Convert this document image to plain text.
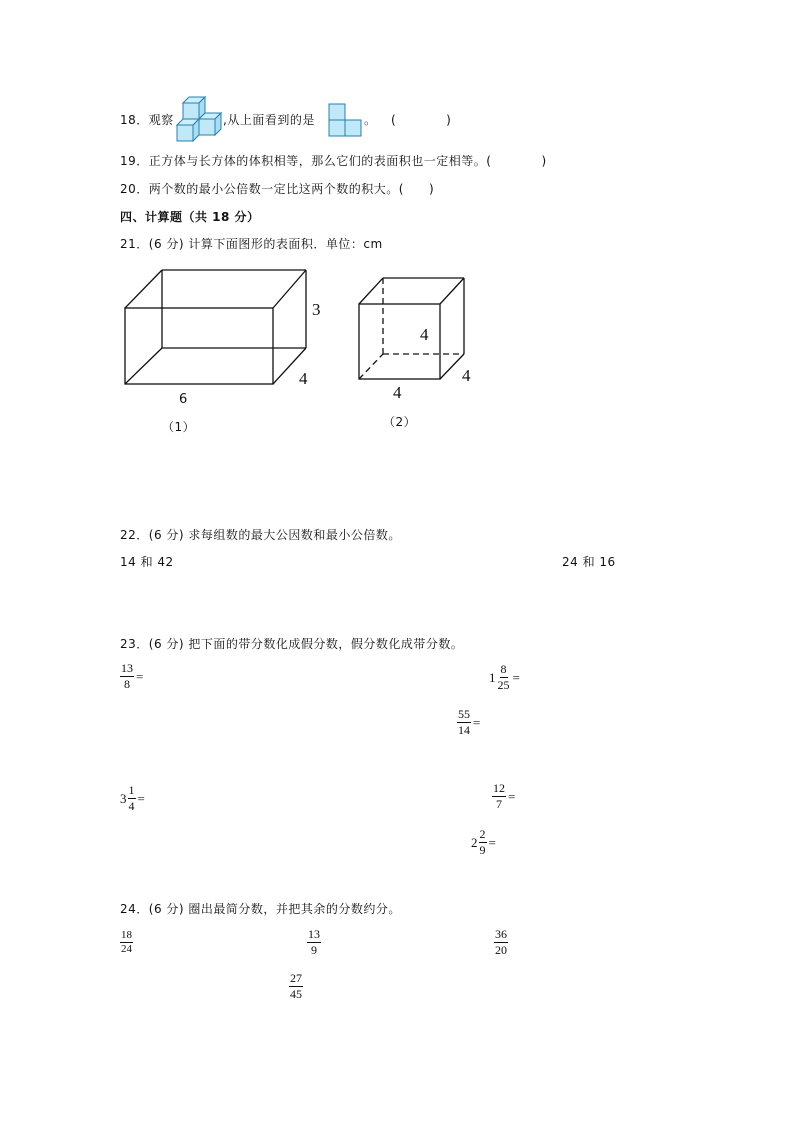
18．观察	,从上面看到的是	。 (　　　　)
19．正方体与长方体的体积相等，那么它们的表面积也一定相等。(　　　　)
20．两个数的最小公倍数一定比这两个数的积大。(　　)
四、计算题（共 18 分）
21．(6 分) 计算下面图形的表面积．单位：cm
3
4
6
（1）
4
4
4
（2）
22．(6 分) 求每组数的最大公因数和最小公倍数。
14 和 42	24 和 16
23．(6 分) 把下面的带分数化成假分数，假分数化成带分数。
$\frac{13}{8}$ =	$1 \frac{8}{25}$ =
$\frac{55}{14}$ =
$3 \frac{1}{4}$ =	$\frac{12}{7}$ =
$2 \frac{2}{9}$ =
24．(6 分) 圈出最简分数，并把其余的分数约分。
$\frac{18}{24}$	$\frac{13}{9}$	$\frac{36}{20}$
$\frac{27}{45}$
